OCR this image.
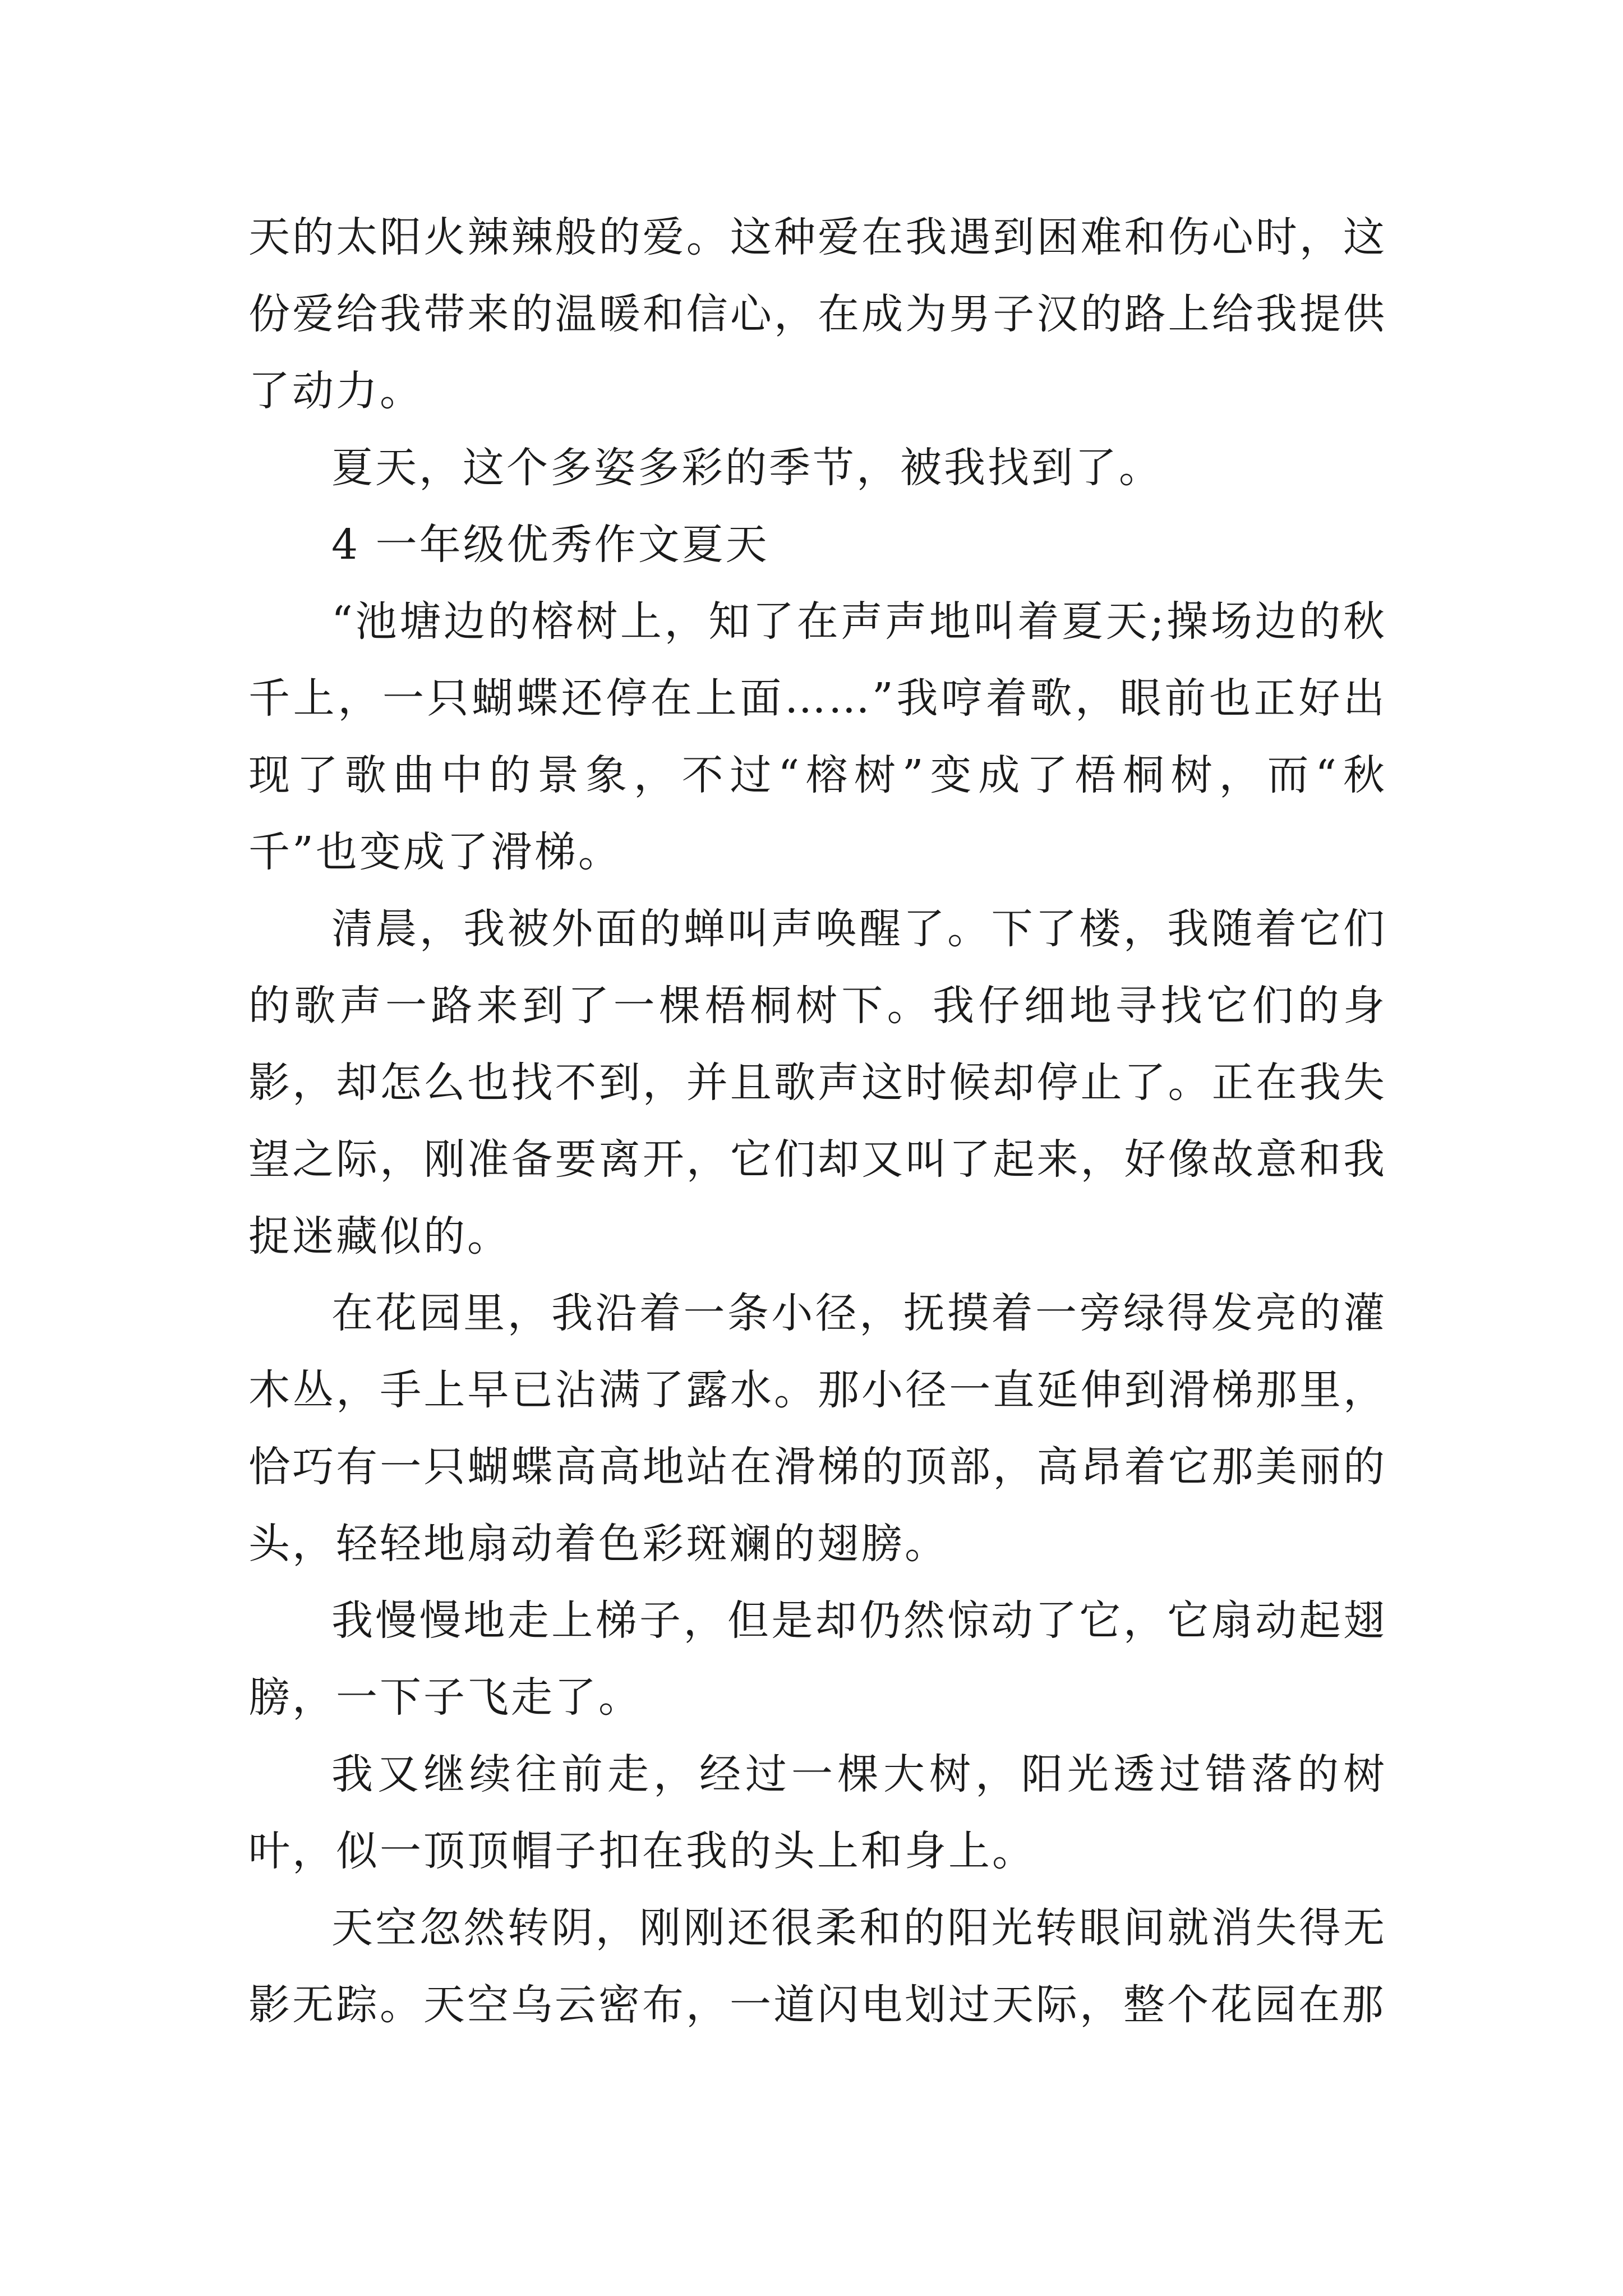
天的太阳火辣辣般的爱。这种爱在我遇到困难和伤心时，这份爱给我带来的温暖和信心，在成为男子汉的路上给我提供了动力。

夏天，这个多姿多彩的季节，被我找到了。

4 一年级优秀作文夏天

“池塘边的榕树上，知了在声声地叫着夏天;操场边的秋千上，一只蝴蝶还停在上面……”我哼着歌，眼前也正好出现了歌曲中的景象，不过“榕树”变成了梧桐树，而“秋千”也变成了滑梯。

清晨，我被外面的蝉叫声唤醒了。下了楼，我随着它们的歌声一路来到了一棵梧桐树下。我仔细地寻找它们的身影，却怎么也找不到，并且歌声这时候却停止了。正在我失望之际，刚准备要离开，它们却又叫了起来，好像故意和我捉迷藏似的。

在花园里，我沿着一条小径，抚摸着一旁绿得发亮的灌木丛，手上早已沾满了露水。那小径一直延伸到滑梯那里，恰巧有一只蝴蝶高高地站在滑梯的顶部，高昂着它那美丽的头，轻轻地扇动着色彩斑斓的翅膀。

我慢慢地走上梯子，但是却仍然惊动了它，它扇动起翅膀，一下子飞走了。

我又继续往前走，经过一棵大树，阳光透过错落的树叶，似一顶顶帽子扣在我的头上和身上。

天空忽然转阴，刚刚还很柔和的阳光转眼间就消失得无影无踪。天空乌云密布，一道闪电划过天际，整个花园在那
